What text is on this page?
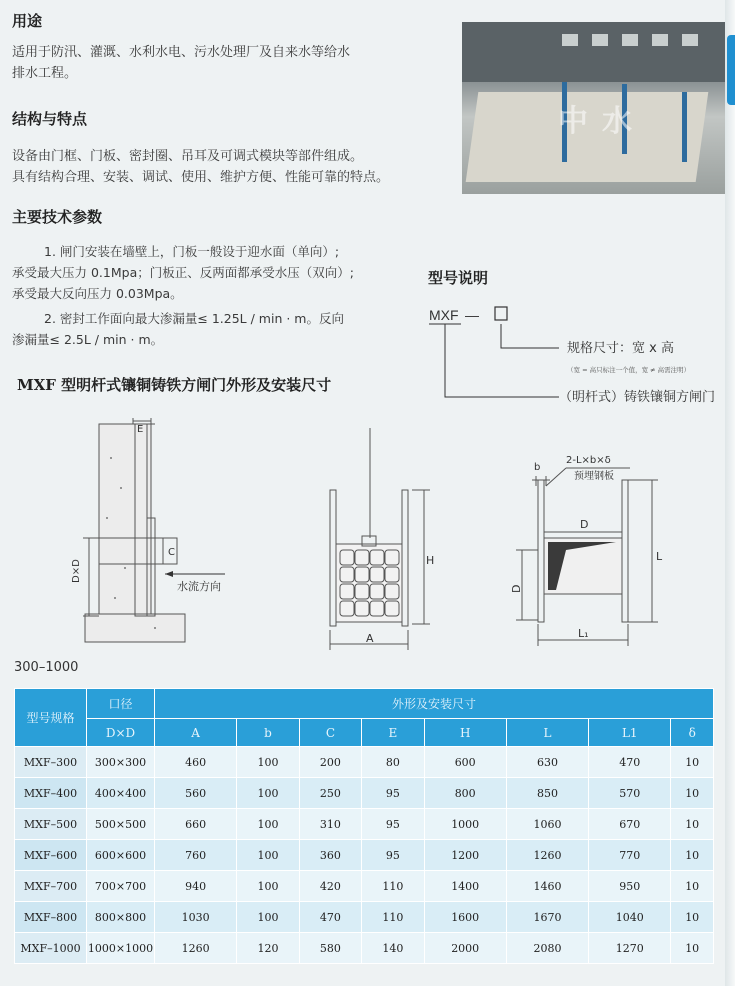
用途

适用于防汛、灌溉、水利水电、污水处理厂及自来水等给水

排水工程。

结构与特点

设备由门框、门板、密封圈、吊耳及可调式模块等部件组成。

具有结构合理、安装、调试、使用、维护方便、性能可靠的特点。

主要技术参数

1. 闸门安装在墙壁上，门板一般设于迎水面（单向）;

承受最大压力 0.1Mpa；门板正、反两面都承受水压（双向）;

承受最大反向压力 0.03Mpa。

2. 密封工作面向最大渗漏量≤ 1.25L / min · m。反向

渗漏量≤ 2.5L / min · m。

中水
型号说明
MXF —
规格尺寸：宽 x 高
（宽 = 高只标注一个值，宽 ≠ 高需注明）
（明杆式）铸铁镶铜方闸门
MXF 型明杆式镶铜铸铁方闸门外形及安装尺寸
E
C
D×D
水流方向
H
A
b
2-L×b×δ
预埋钢板
D
D
L
L₁
300–1000
型号规格	口径	外形及安装尺寸							
	D×D	A	b	C	E	H	L	L1	δ
MXF–300	300×300	460	100	200	80	600	630	470	10
MXF–400	400×400	560	100	250	95	800	850	570	10
MXF–500	500×500	660	100	310	95	1000	1060	670	10
MXF–600	600×600	760	100	360	95	1200	1260	770	10
MXF–700	700×700	940	100	420	110	1400	1460	950	10
MXF–800	800×800	1030	100	470	110	1600	1670	1040	10
MXF–1000	1000×1000	1260	120	580	140	2000	2080	1270	10
